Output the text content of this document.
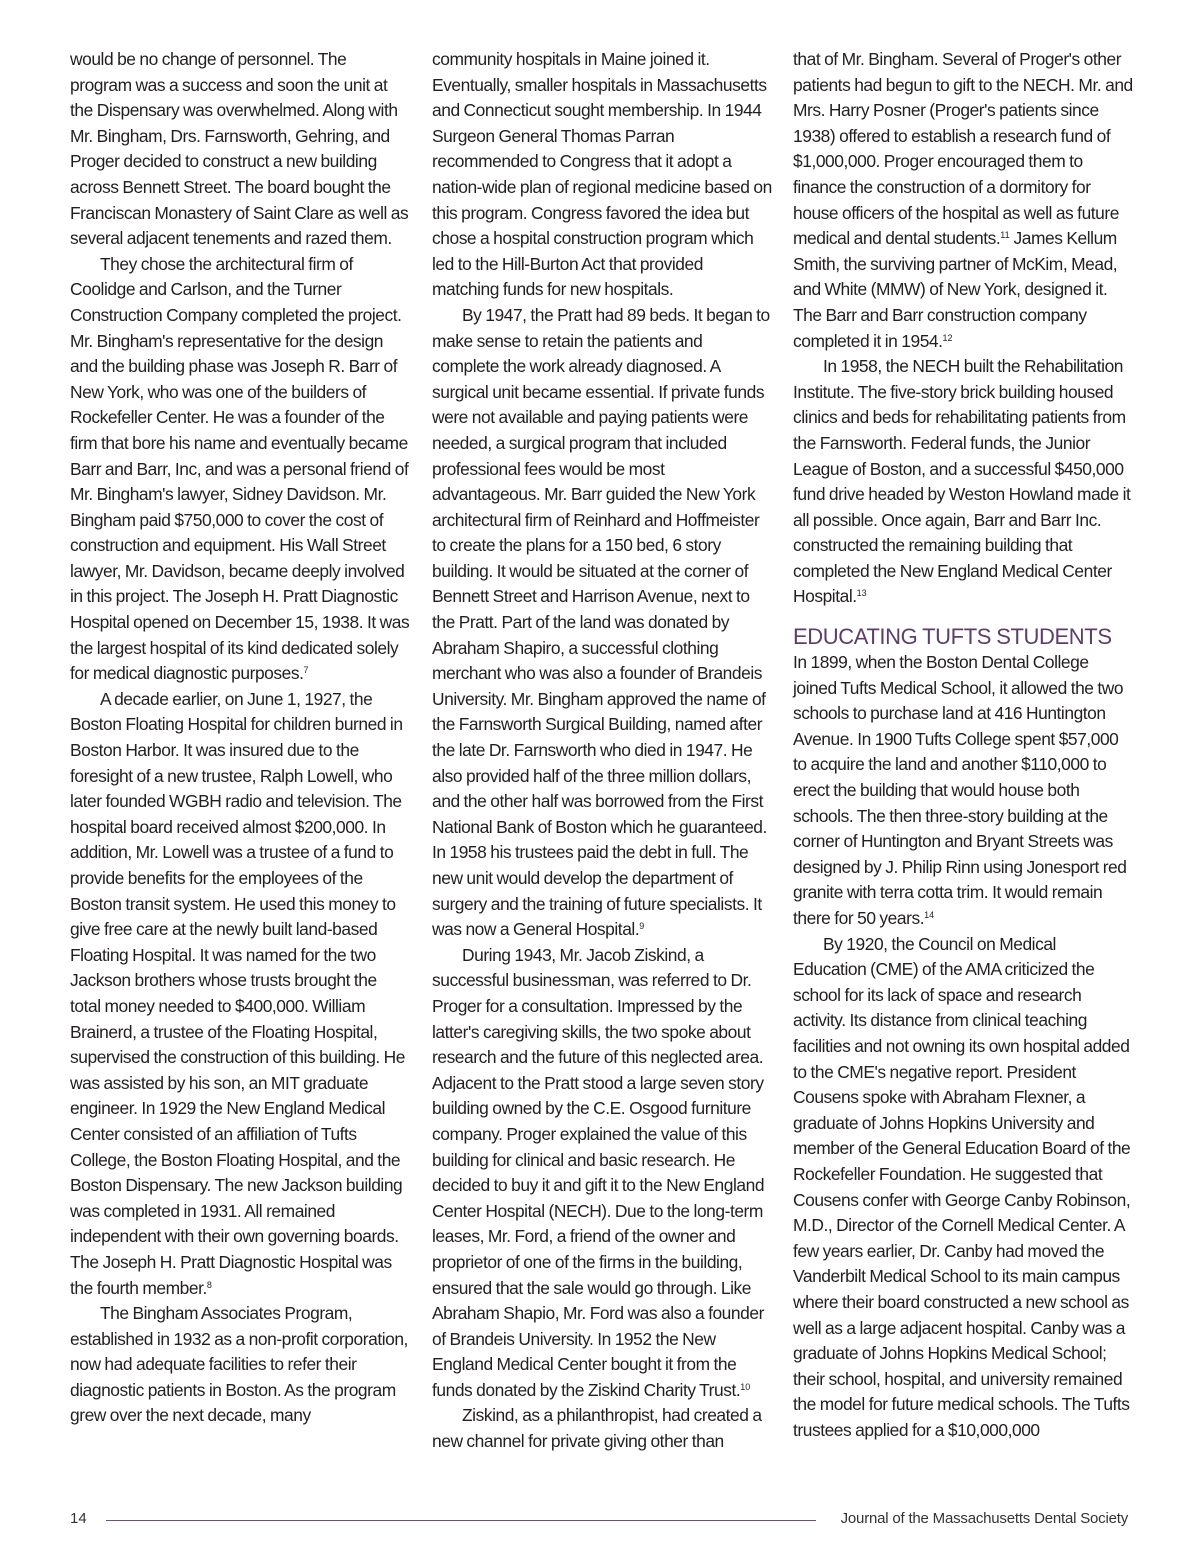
would be no change of personnel. The program was a success and soon the unit at the Dispensary was overwhelmed. Along with Mr. Bingham, Drs. Farnsworth, Gehring, and Proger decided to construct a new building across Bennett Street. The board bought the Franciscan Monastery of Saint Clare as well as several adjacent tenements and razed them.

They chose the architectural firm of Coolidge and Carlson, and the Turner Construction Company completed the project. Mr. Bingham's representative for the design and the building phase was Joseph R. Barr of New York, who was one of the builders of Rockefeller Center. He was a founder of the firm that bore his name and eventually became Barr and Barr, Inc, and was a personal friend of Mr. Bingham's lawyer, Sidney Davidson. Mr. Bingham paid $750,000 to cover the cost of construction and equipment. His Wall Street lawyer, Mr. Davidson, became deeply involved in this project. The Joseph H. Pratt Diagnostic Hospital opened on December 15, 1938. It was the largest hospital of its kind dedicated solely for medical diagnostic purposes.$^7$

A decade earlier, on June 1, 1927, the Boston Floating Hospital for children burned in Boston Harbor. It was insured due to the foresight of a new trustee, Ralph Lowell, who later founded WGBH radio and television. The hospital board received almost $200,000. In addition, Mr. Lowell was a trustee of a fund to provide benefits for the employees of the Boston transit system. He used this money to give free care at the newly built land-based Floating Hospital. It was named for the two Jackson brothers whose trusts brought the total money needed to $400,000. William Brainerd, a trustee of the Floating Hospital, supervised the construction of this building. He was assisted by his son, an MIT graduate engineer. In 1929 the New England Medical Center consisted of an affiliation of Tufts College, the Boston Floating Hospital, and the Boston Dispensary. The new Jackson building was completed in 1931. All remained independent with their own governing boards. The Joseph H. Pratt Diagnostic Hospital was the fourth member.$^8$

The Bingham Associates Program, established in 1932 as a non-profit corporation, now had adequate facilities to refer their diagnostic patients in Boston. As the program grew over the next decade, many

community hospitals in Maine joined it. Eventually, smaller hospitals in Massachusetts and Connecticut sought membership. In 1944 Surgeon General Thomas Parran recommended to Congress that it adopt a nation-wide plan of regional medicine based on this program. Congress favored the idea but chose a hospital construction program which led to the Hill-Burton Act that provided matching funds for new hospitals.

By 1947, the Pratt had 89 beds. It began to make sense to retain the patients and complete the work already diagnosed. A surgical unit became essential. If private funds were not available and paying patients were needed, a surgical program that included professional fees would be most advantageous. Mr. Barr guided the New York architectural firm of Reinhard and Hoffmeister to create the plans for a 150 bed, 6 story building. It would be situated at the corner of Bennett Street and Harrison Avenue, next to the Pratt. Part of the land was donated by Abraham Shapiro, a successful clothing merchant who was also a founder of Brandeis University. Mr. Bingham approved the name of the Farnsworth Surgical Building, named after the late Dr. Farnsworth who died in 1947. He also provided half of the three million dollars, and the other half was borrowed from the First National Bank of Boston which he guaranteed. In 1958 his trustees paid the debt in full. The new unit would develop the department of surgery and the training of future specialists. It was now a General Hospital.$^9$

During 1943, Mr. Jacob Ziskind, a successful businessman, was referred to Dr. Proger for a consultation. Impressed by the latter's caregiving skills, the two spoke about research and the future of this neglected area. Adjacent to the Pratt stood a large seven story building owned by the C.E. Osgood furniture company. Proger explained the value of this building for clinical and basic research. He decided to buy it and gift it to the New England Center Hospital (NECH). Due to the long-term leases, Mr. Ford, a friend of the owner and proprietor of one of the firms in the building, ensured that the sale would go through. Like Abraham Shapio, Mr. Ford was also a founder of Brandeis University. In 1952 the New England Medical Center bought it from the funds donated by the Ziskind Charity Trust.$^{10}$

Ziskind, as a philanthropist, had created a new channel for private giving other than

that of Mr. Bingham. Several of Proger's other patients had begun to gift to the NECH. Mr. and Mrs. Harry Posner (Proger's patients since 1938) offered to establish a research fund of $1,000,000. Proger encouraged them to finance the construction of a dormitory for house officers of the hospital as well as future medical and dental students.$^{11}$ James Kellum Smith, the surviving partner of McKim, Mead, and White (MMW) of New York, designed it. The Barr and Barr construction company completed it in 1954.12

In 1958, the NECH built the Rehabilitation Institute. The five-story brick building housed clinics and beds for rehabilitating patients from the Farnsworth. Federal funds, the Junior League of Boston, and a successful $450,000 fund drive headed by Weston Howland made it all possible. Once again, Barr and Barr Inc. constructed the remaining building that completed the New England Medical Center Hospital.$^{13}$

EDUCATING TUFTS STUDENTS

In 1899, when the Boston Dental College joined Tufts Medical School, it allowed the two schools to purchase land at 416 Huntington Avenue. In 1900 Tufts College spent $57,000 to acquire the land and another $110,000 to erect the building that would house both schools. The then three-story building at the corner of Huntington and Bryant Streets was designed by J. Philip Rinn using Jonesport red granite with terra cotta trim. It would remain there for 50 years.$^{14}$

By 1920, the Council on Medical Education (CME) of the AMA criticized the school for its lack of space and research activity. Its distance from clinical teaching facilities and not owning its own hospital added to the CME's negative report. President Cousens spoke with Abraham Flexner, a graduate of Johns Hopkins University and member of the General Education Board of the Rockefeller Foundation. He suggested that Cousens confer with George Canby Robinson, M.D., Director of the Cornell Medical Center. A few years earlier, Dr. Canby had moved the Vanderbilt Medical School to its main campus where their board constructed a new school as well as a large adjacent hospital. Canby was a graduate of Johns Hopkins Medical School; their school, hospital, and university remained the model for future medical schools. The Tufts trustees applied for a $10,000,000

14	Journal of the Massachusetts Dental Society
